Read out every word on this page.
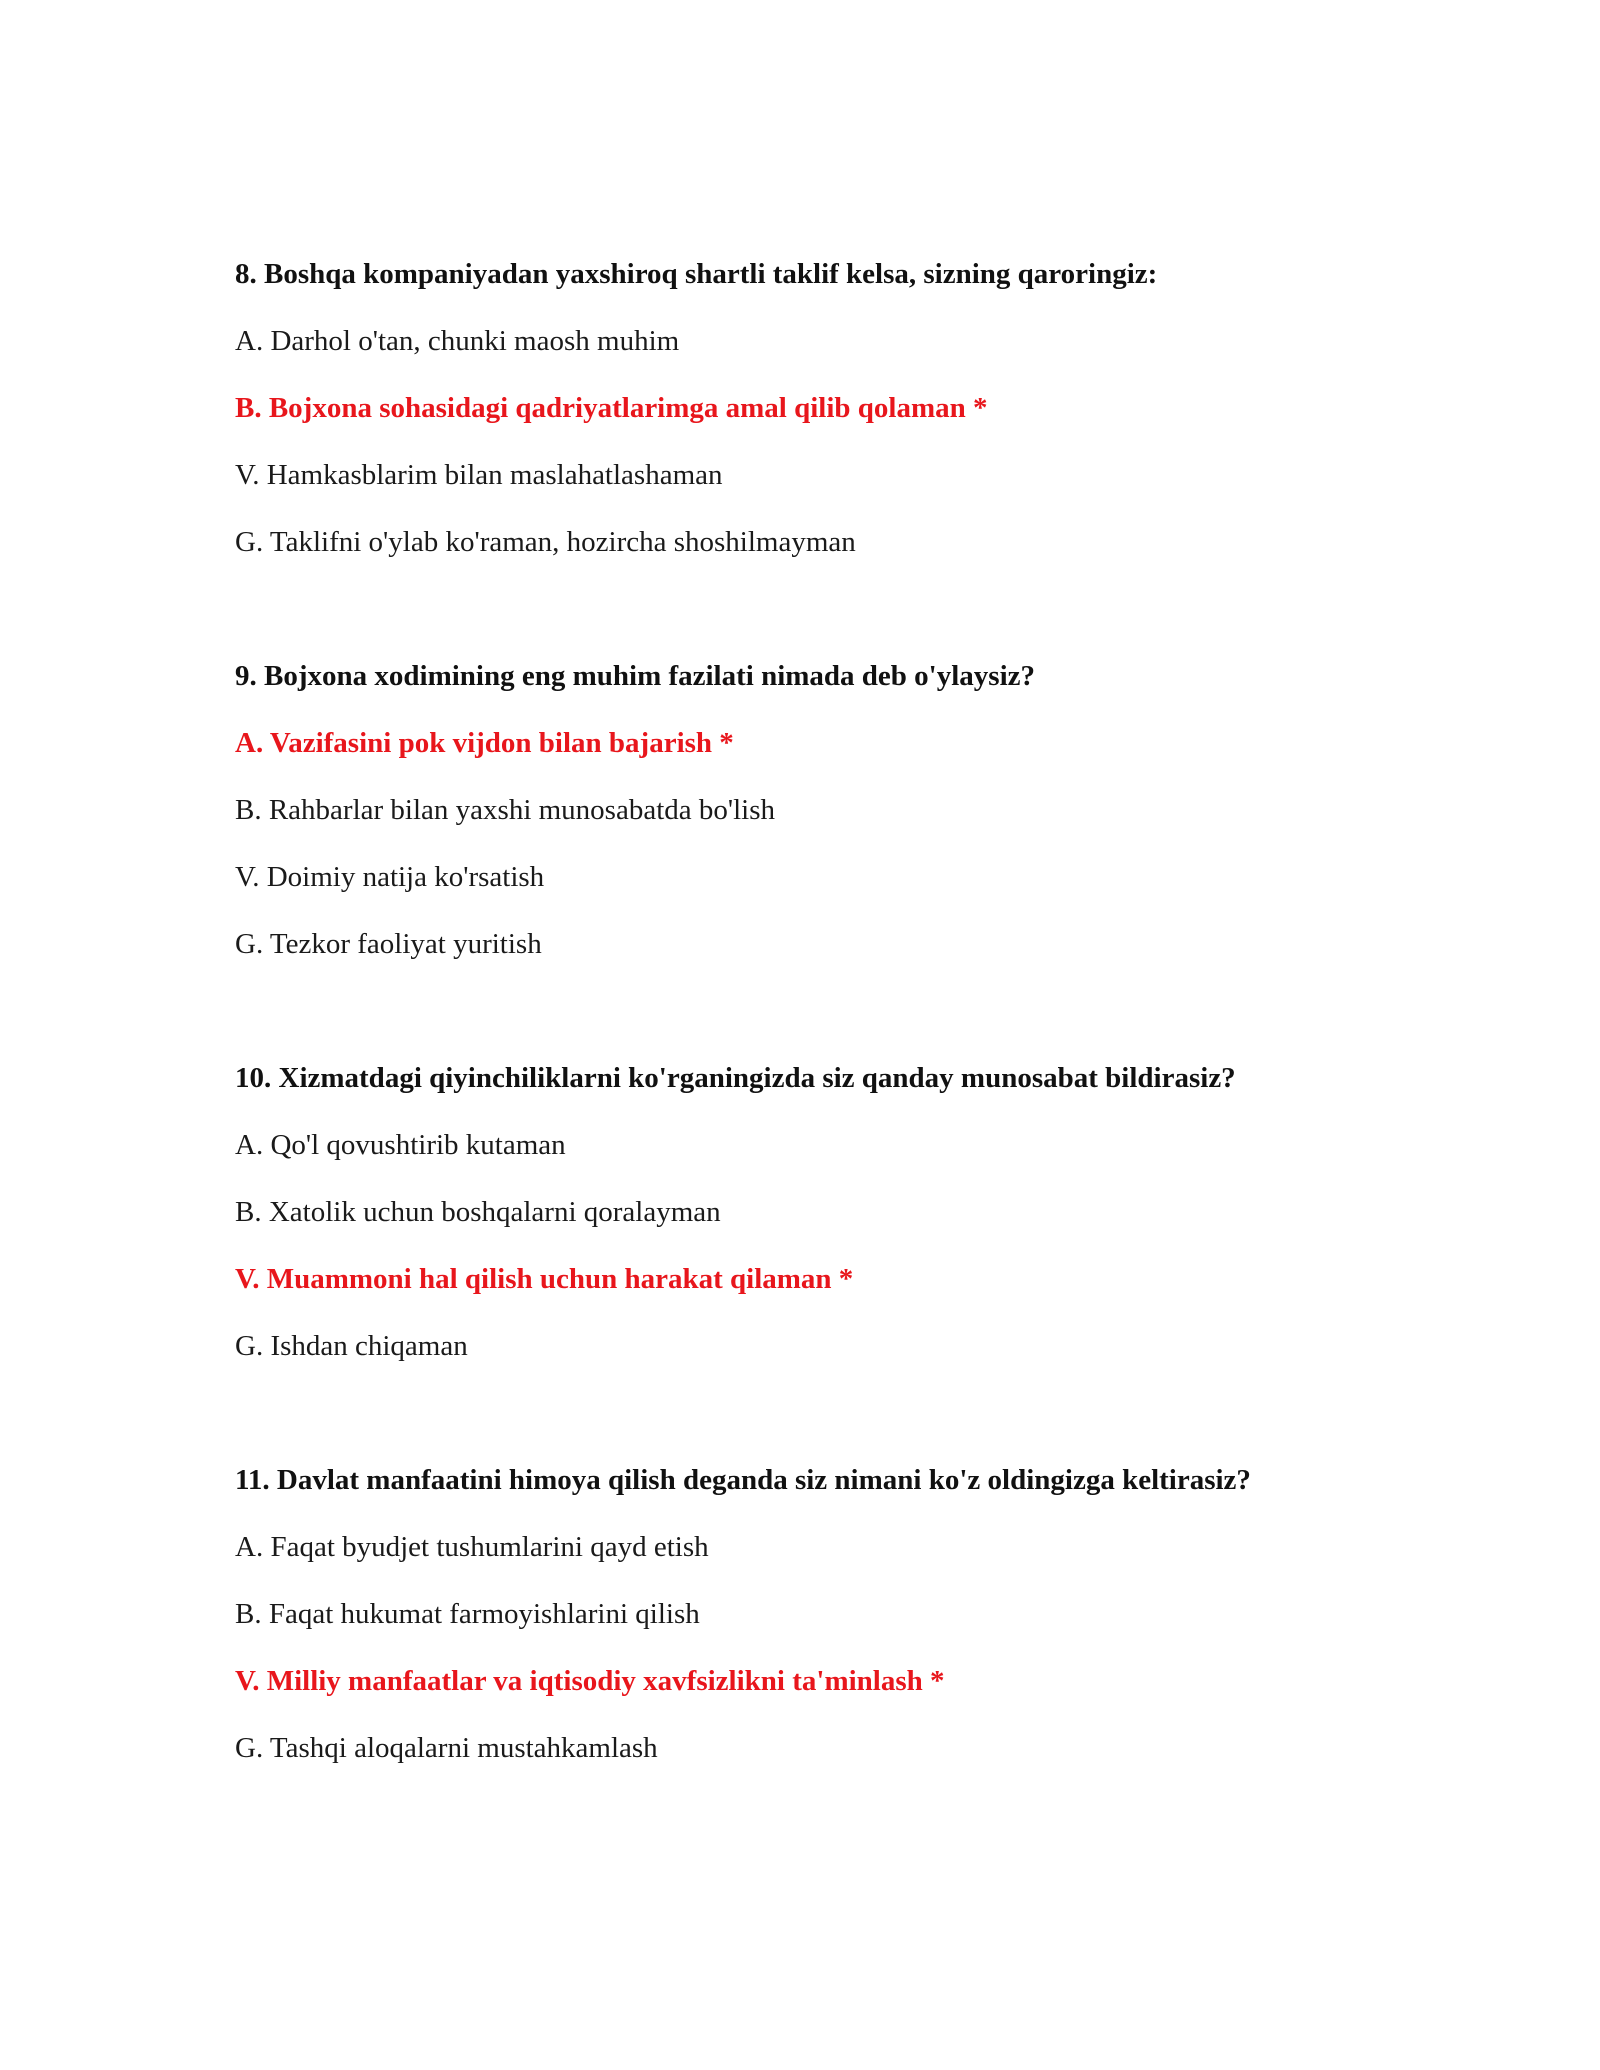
8. Boshqa kompaniyadan yaxshiroq shartli taklif kelsa, sizning qaroringiz:
A. Darhol o'tan, chunki maosh muhim
B. Bojxona sohasidagi qadriyatlarimga amal qilib qolaman *
V. Hamkasblarim bilan maslahatlashaman
G. Taklifni o'ylab ko'raman, hozircha shoshilmayman
9. Bojxona xodimining eng muhim fazilati nimada deb o'ylaysiz?
A. Vazifasini pok vijdon bilan bajarish *
B. Rahbarlar bilan yaxshi munosabatda bo'lish
V. Doimiy natija ko'rsatish
G. Tezkor faoliyat yuritish
10. Xizmatdagi qiyinchiliklarni ko'rganingizda siz qanday munosabat bildirasiz?
A. Qo'l qovushtirib kutaman
B. Xatolik uchun boshqalarni qoralayman
V. Muammoni hal qilish uchun harakat qilaman *
G. Ishdan chiqaman
11. Davlat manfaatini himoya qilish deganda siz nimani ko'z oldingizga keltirasiz?
A. Faqat byudjet tushumlarini qayd etish
B. Faqat hukumat farmoyishlarini qilish
V. Milliy manfaatlar va iqtisodiy xavfsizlikni ta'minlash *
G. Tashqi aloqalarni mustahkamlash
